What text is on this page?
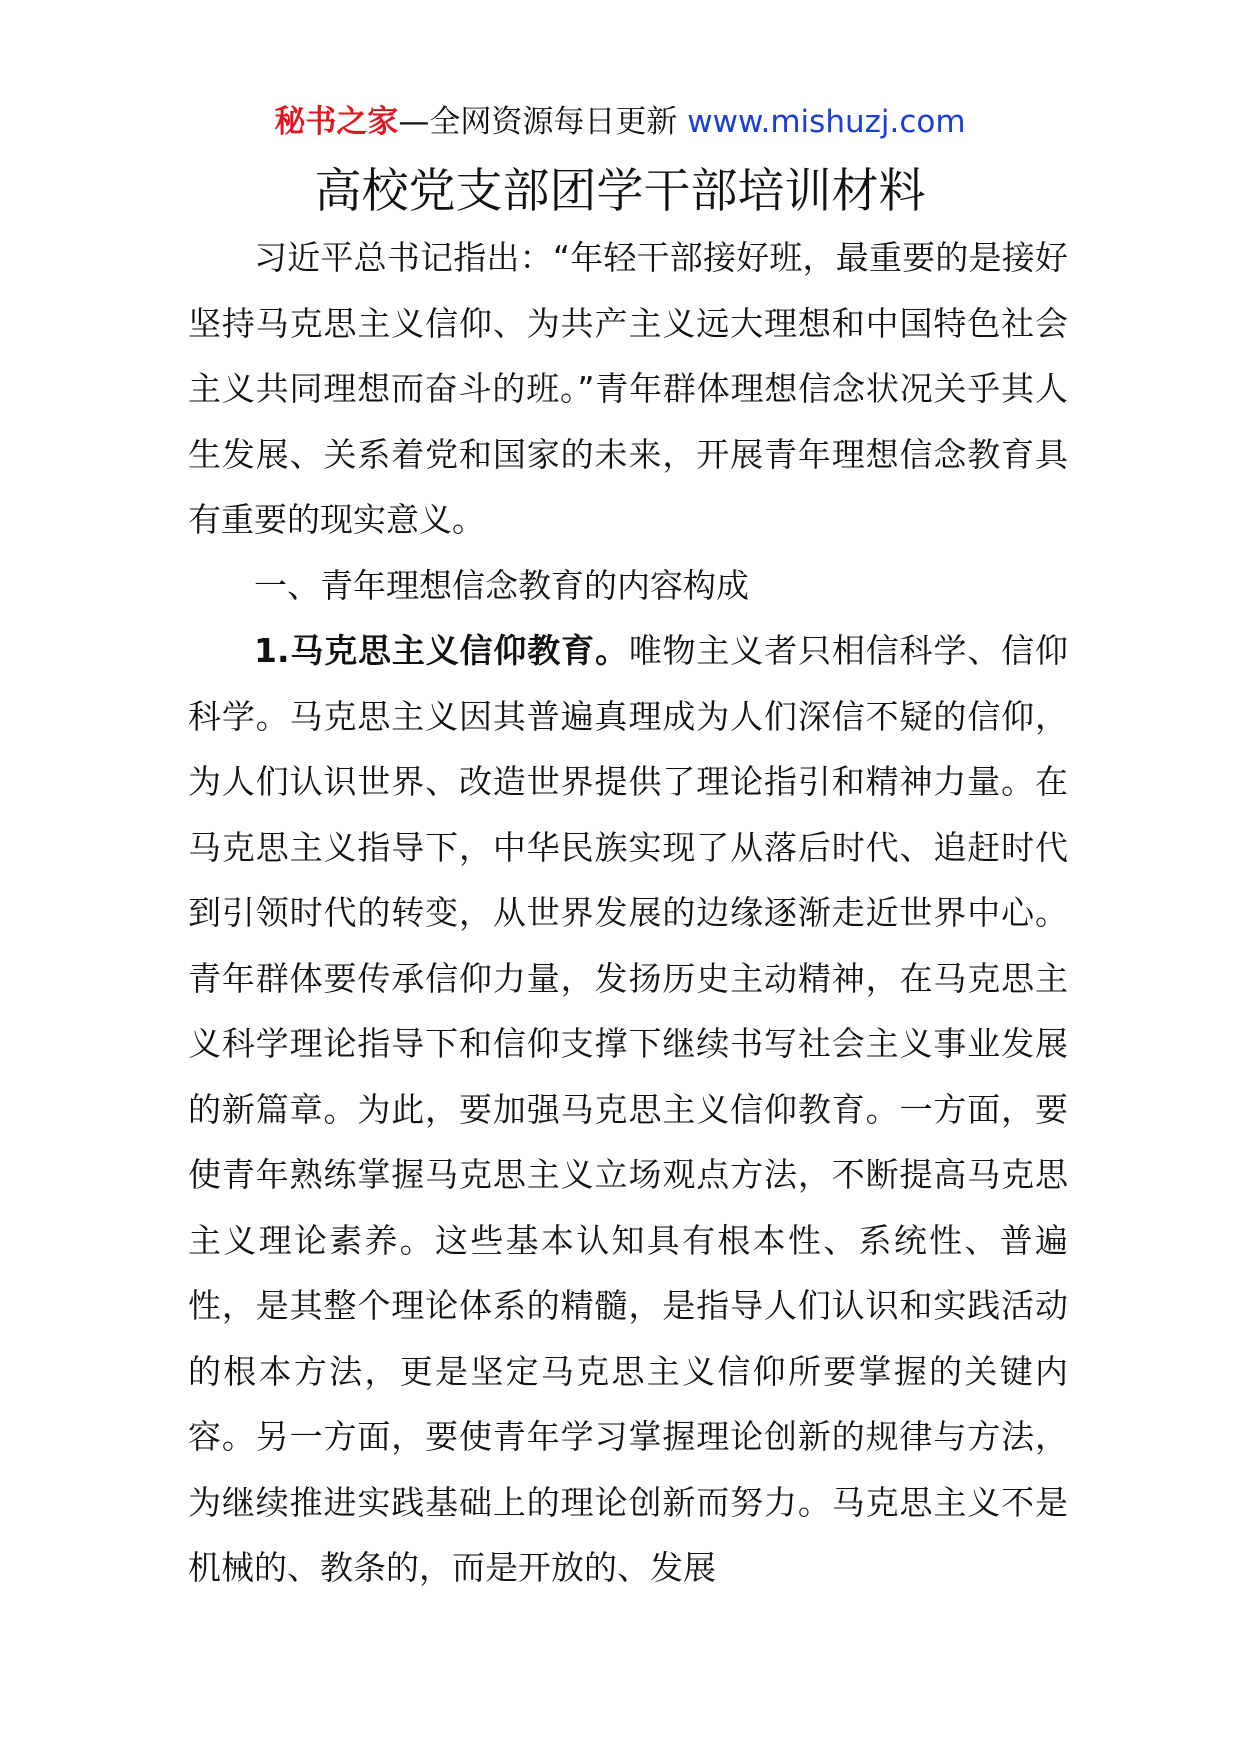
秘书之家—全网资源每日更新 www.mishuzj.com
高校党支部团学干部培训材料

习近平总书记指出：“年轻干部接好班，最重要的是接好坚持马克思主义信仰、为共产主义远大理想和中国特色社会主义共同理想而奋斗的班。”青年群体理想信念状况关乎其人生发展、关系着党和国家的未来，开展青年理想信念教育具有重要的现实意义。

一、青年理想信念教育的内容构成

1.马克思主义信仰教育。唯物主义者只相信科学、信仰科学。马克思主义因其普遍真理成为人们深信不疑的信仰，为人们认识世界、改造世界提供了理论指引和精神力量。在马克思主义指导下，中华民族实现了从落后时代、追赶时代到引领时代的转变，从世界发展的边缘逐渐走近世界中心。青年群体要传承信仰力量，发扬历史主动精神，在马克思主义科学理论指导下和信仰支撑下继续书写社会主义事业发展的新篇章。为此，要加强马克思主义信仰教育。一方面，要使青年熟练掌握马克思主义立场观点方法，不断提高马克思主义理论素养。这些基本认知具有根本性、系统性、普遍性，是其整个理论体系的精髓，是指导人们认识和实践活动的根本方法，更是坚定马克思主义信仰所要掌握的关键内容。另一方面，要使青年学习掌握理论创新的规律与方法，为继续推进实践基础上的理论创新而努力。马克思主义不是机械的、教条的，而是开放的、发展
